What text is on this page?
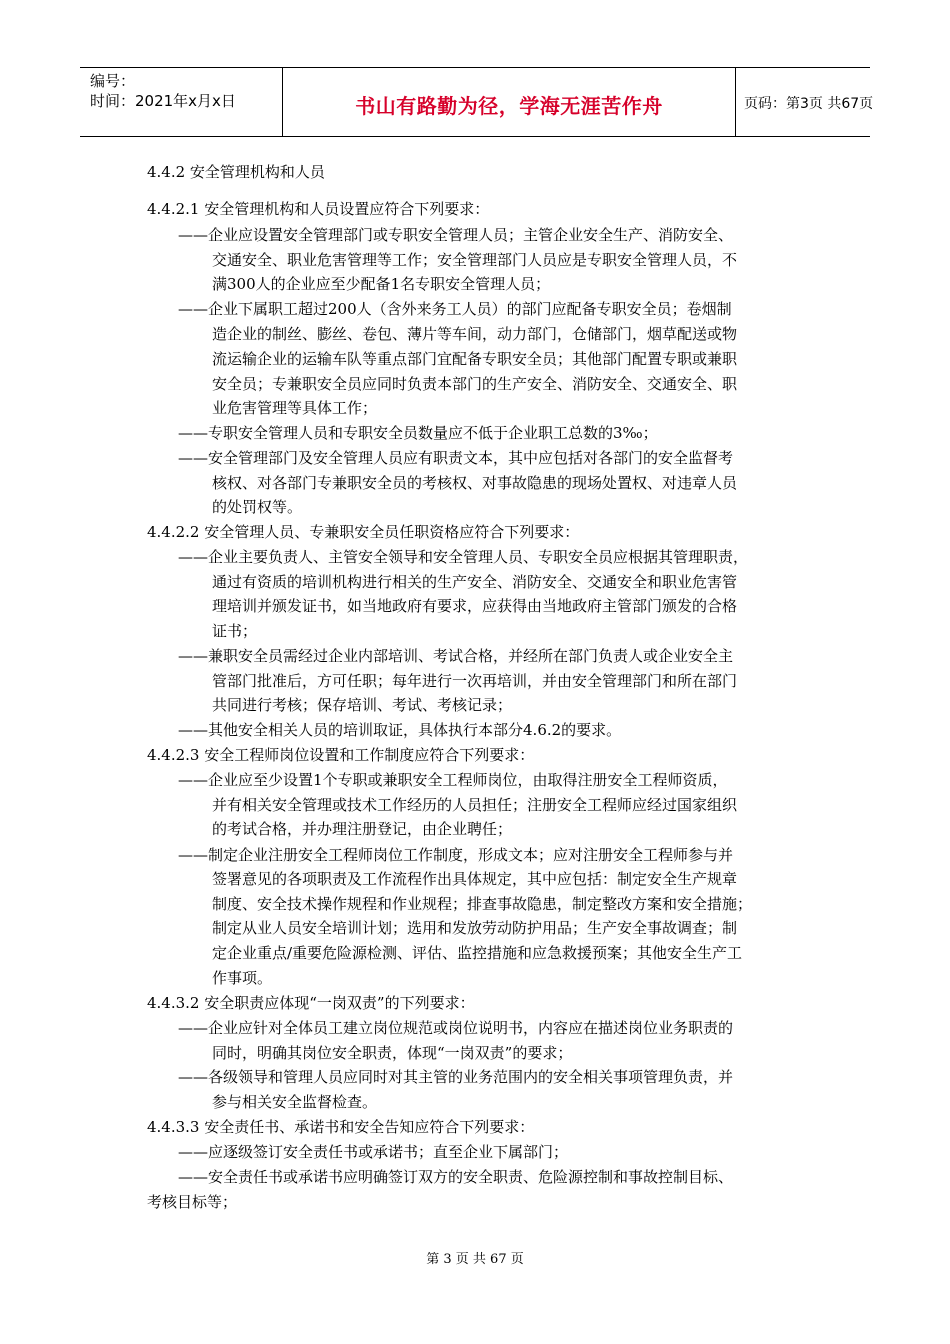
编号：
时间：2021年x月x日	书山有路勤为径，学海无涯苦作舟	页码：第3页 共67页
4.4.2 安全管理机构和人员
4.4.2.1 安全管理机构和人员设置应符合下列要求：
——企业应设置安全管理部门或专职安全管理人员；主管企业安全生产、消防安全、
交通安全、职业危害管理等工作；安全管理部门人员应是专职安全管理人员，不
满300人的企业应至少配备1名专职安全管理人员；
——企业下属职工超过200人（含外来务工人员）的部门应配备专职安全员；卷烟制
造企业的制丝、膨丝、卷包、薄片等车间，动力部门，仓储部门，烟草配送或物
流运输企业的运输车队等重点部门宜配备专职安全员；其他部门配置专职或兼职
安全员；专兼职安全员应同时负责本部门的生产安全、消防安全、交通安全、职
业危害管理等具体工作；
——专职安全管理人员和专职安全员数量应不低于企业职工总数的3‰；
——安全管理部门及安全管理人员应有职责文本，其中应包括对各部门的安全监督考
核权、对各部门专兼职安全员的考核权、对事故隐患的现场处置权、对违章人员
的处罚权等。
4.4.2.2 安全管理人员、专兼职安全员任职资格应符合下列要求：
——企业主要负责人、主管安全领导和安全管理人员、专职安全员应根据其管理职责，
通过有资质的培训机构进行相关的生产安全、消防安全、交通安全和职业危害管
理培训并颁发证书，如当地政府有要求，应获得由当地政府主管部门颁发的合格
证书；
——兼职安全员需经过企业内部培训、考试合格，并经所在部门负责人或企业安全主
管部门批准后，方可任职；每年进行一次再培训，并由安全管理部门和所在部门
共同进行考核；保存培训、考试、考核记录；
——其他安全相关人员的培训取证，具体执行本部分4.6.2的要求。
4.4.2.3 安全工程师岗位设置和工作制度应符合下列要求：
——企业应至少设置1个专职或兼职安全工程师岗位，由取得注册安全工程师资质，
并有相关安全管理或技术工作经历的人员担任；注册安全工程师应经过国家组织
的考试合格，并办理注册登记，由企业聘任；
——制定企业注册安全工程师岗位工作制度，形成文本；应对注册安全工程师参与并
签署意见的各项职责及工作流程作出具体规定，其中应包括：制定安全生产规章
制度、安全技术操作规程和作业规程；排查事故隐患，制定整改方案和安全措施；
制定从业人员安全培训计划；选用和发放劳动防护用品；生产安全事故调查；制
定企业重点/重要危险源检测、评估、监控措施和应急救援预案；其他安全生产工
作事项。
4.4.3.2 安全职责应体现“一岗双责”的下列要求：
——企业应针对全体员工建立岗位规范或岗位说明书，内容应在描述岗位业务职责的
同时，明确其岗位安全职责，体现“一岗双责”的要求；
——各级领导和管理人员应同时对其主管的业务范围内的安全相关事项管理负责，并
参与相关安全监督检查。
4.4.3.3 安全责任书、承诺书和安全告知应符合下列要求：
——应逐级签订安全责任书或承诺书；直至企业下属部门；
——安全责任书或承诺书应明确签订双方的安全职责、危险源控制和事故控制目标、
考核目标等；
第 3 页 共 67 页
